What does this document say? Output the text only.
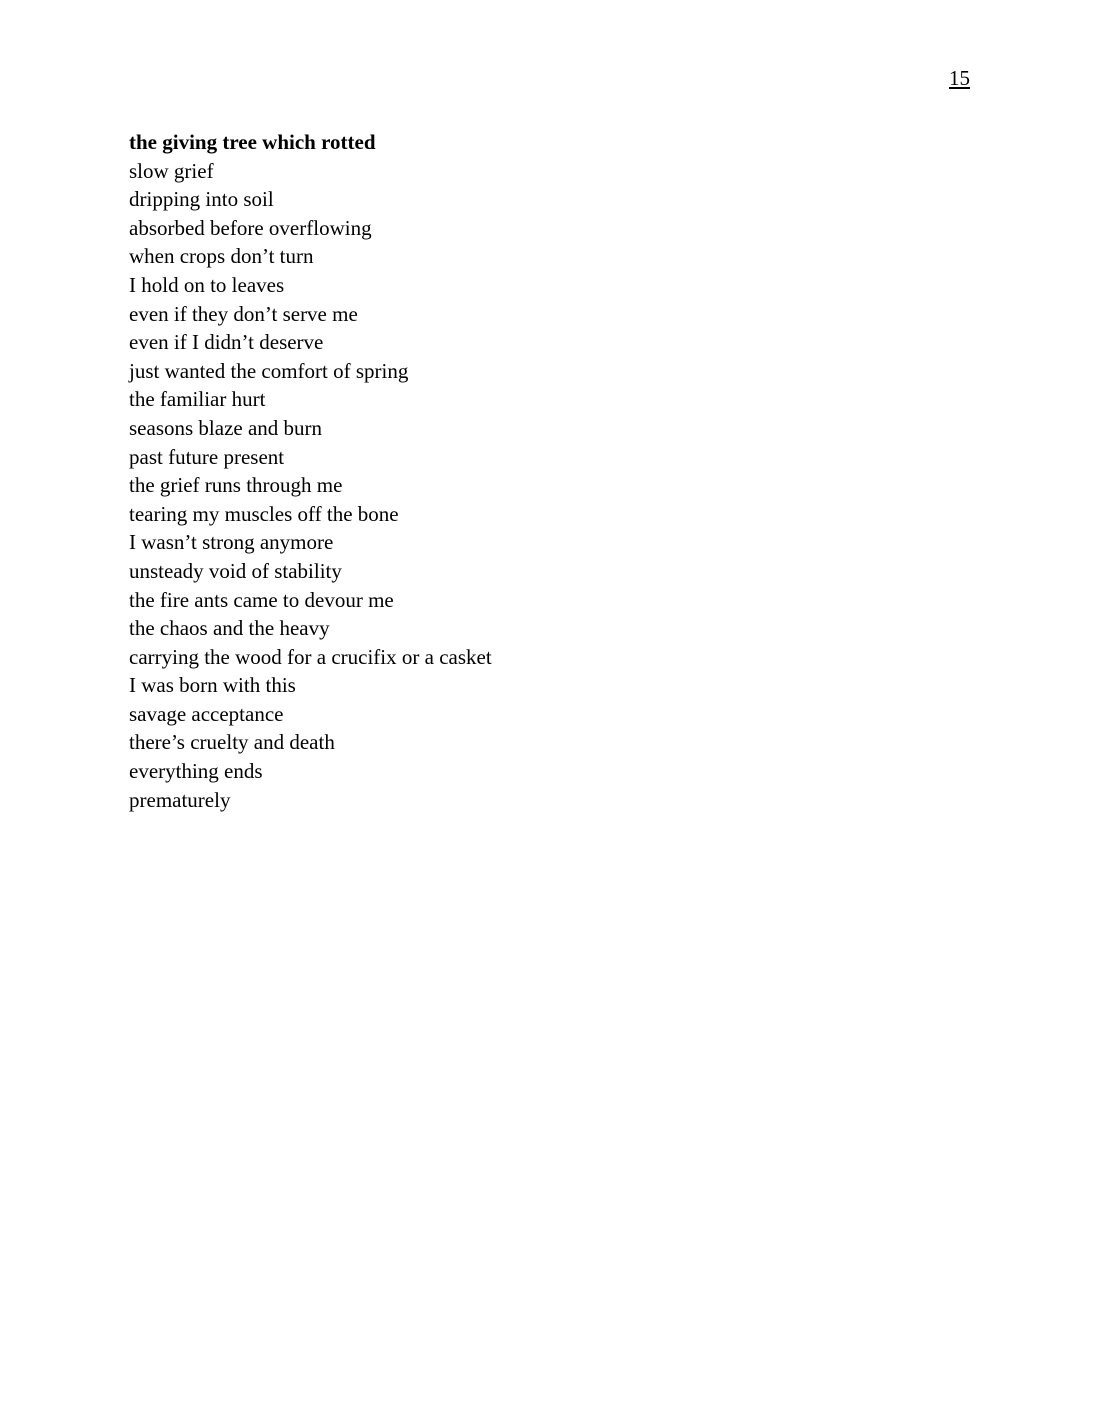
15
the giving tree which rotted
slow grief
dripping into soil
absorbed before overflowing
when crops don’t turn
I hold on to leaves
even if they don’t serve me
even if I didn’t deserve
just wanted the comfort of spring
the familiar hurt
seasons blaze and burn
past future present
the grief runs through me
tearing my muscles off the bone
I wasn’t strong anymore
unsteady void of stability
the fire ants came to devour me
the chaos and the heavy
carrying the wood for a crucifix or a casket
I was born with this
savage acceptance
there’s cruelty and death
everything ends
prematurely
